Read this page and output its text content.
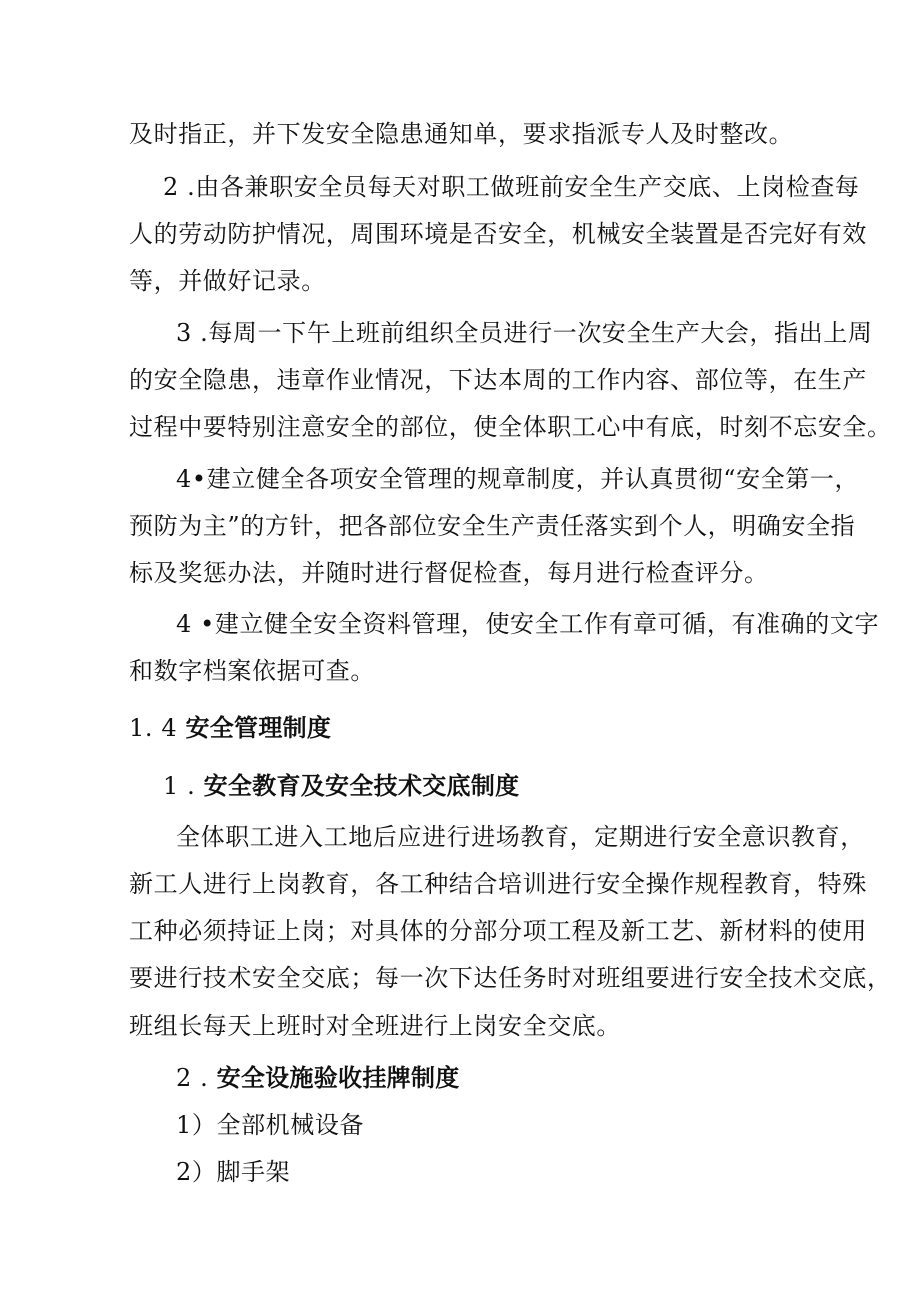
及时指正，并下发安全隐患通知单，要求指派专人及时整改。
2 .由各兼职安全员每天对职工做班前安全生产交底、上岗检查每
人的劳动防护情况，周围环境是否安全，机械安全装置是否完好有效
等，并做好记录。
3 .每周一下午上班前组织全员进行一次安全生产大会，指出上周
的安全隐患，违章作业情况，下达本周的工作内容、部位等，在生产
过程中要特别注意安全的部位，使全体职工心中有底，时刻不忘安全。
4•建立健全各项安全管理的规章制度，并认真贯彻“安全第一，
预防为主”的方针，把各部位安全生产责任落实到个人，明确安全指
标及奖惩办法，并随时进行督促检查，每月进行检查评分。
4 •建立健全安全资料管理，使安全工作有章可循，有准确的文字
和数字档案依据可查。
1. 4 安全管理制度
1 . 安全教育及安全技术交底制度
全体职工进入工地后应进行进场教育，定期进行安全意识教育，
新工人进行上岗教育，各工种结合培训进行安全操作规程教育，特殊
工种必须持证上岗；对具体的分部分项工程及新工艺、新材料的使用
要进行技术安全交底；每一次下达任务时对班组要进行安全技术交底，
班组长每天上班时对全班进行上岗安全交底。
2 . 安全设施验收挂牌制度
1）全部机械设备
2）脚手架
